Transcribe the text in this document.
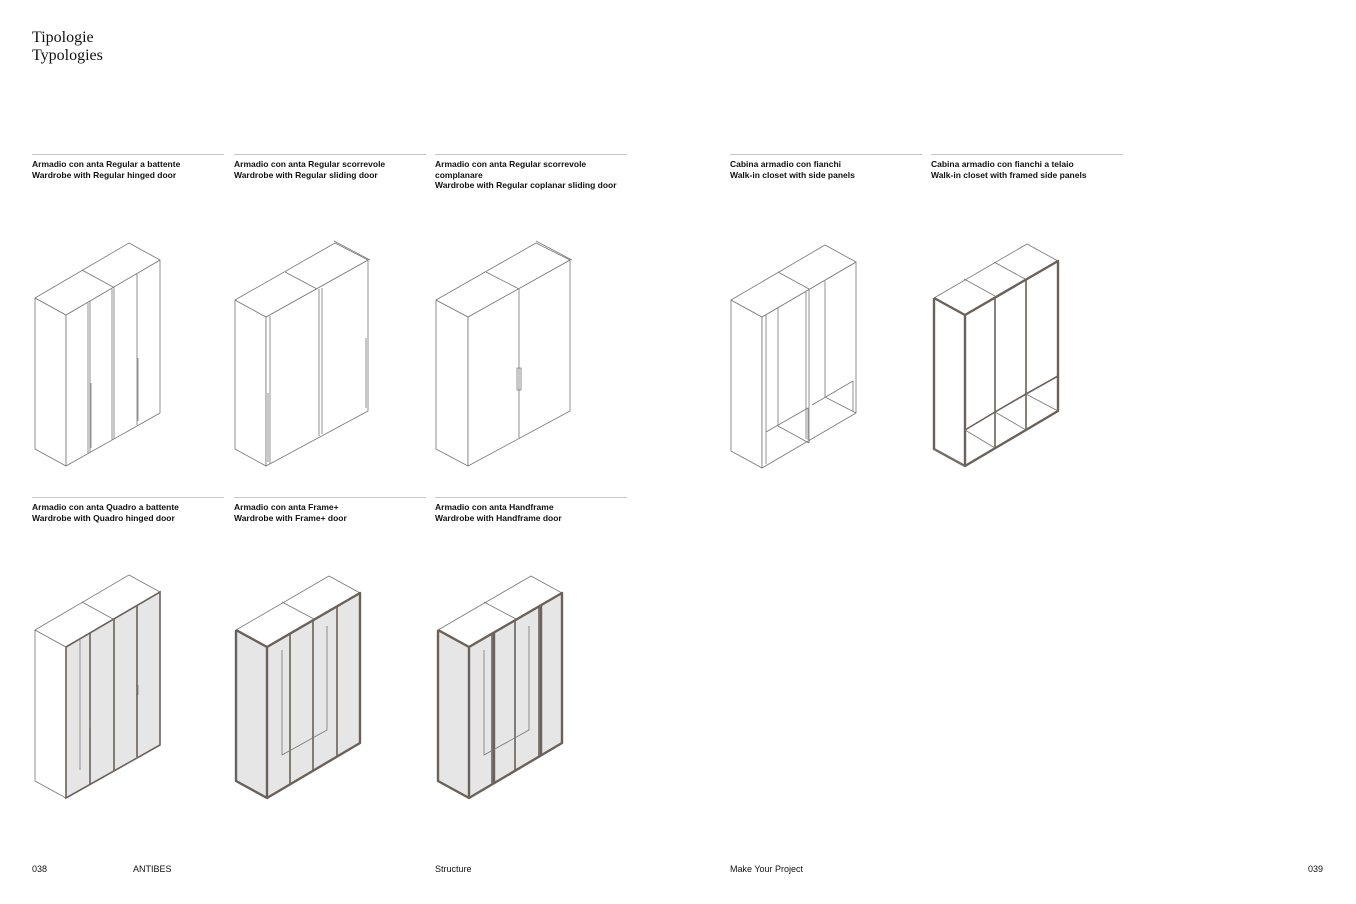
Tipologie
Typologies
Armadio con anta Regular a battente
Wardrobe with Regular hinged door
Armadio con anta Regular scorrevole
Wardrobe with Regular sliding door
Armadio con anta Regular scorrevole complanare
Wardrobe with Regular coplanar sliding door
Cabina armadio con fianchi
Walk-in closet with side panels
Cabina armadio con fianchi a telaio
Walk-in closet with framed side panels
Armadio con anta Quadro a battente
Wardrobe with Quadro hinged door
Armadio con anta Frame+
Wardrobe with Frame+ door
Armadio con anta Handframe
Wardrobe with Handframe door
038	ANTIBES	Structure	Make Your Project	039
